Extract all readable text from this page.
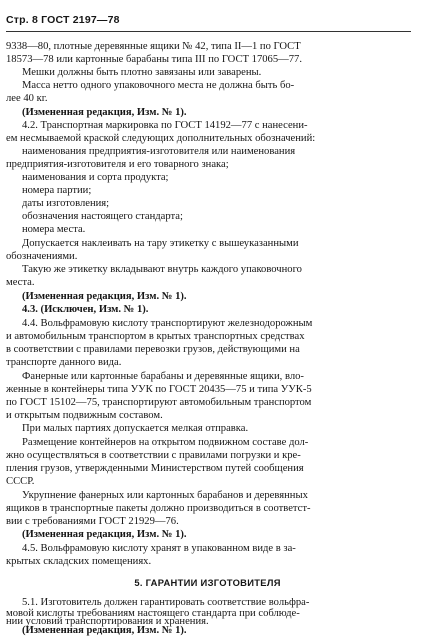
Стр. 8 ГОСТ 2197—78
9338—80, плотные деревянные ящики № 42, типа II—1 по ГОСТ
18573—78 или картонные барабаны типа III по ГОСТ 17065—77.
Мешки должны быть плотно завязаны или заварены.
Масса нетто одного упаковочного места не должна быть бо-
лее 40 кг.
(Измененная редакция, Изм. № 1).
4.2. Транспортная маркировка по ГОСТ 14192—77 с нанесени-
ем несмываемой краской следующих дополнительных обозначений:
наименования предприятия-изготовителя или наименования
предприятия-изготовителя и его товарного знака;
наименования и сорта продукта;
номера партии;
даты изготовления;
обозначения настоящего стандарта;
номера места.
Допускается наклеивать на тару этикетку с вышеуказанными
обозначениями.
Такую же этикетку вкладывают внутрь каждого упаковочного
места.
(Измененная редакция, Изм. № 1).
4.3. (Исключен, Изм. № 1).
4.4. Вольфрамовую кислоту транспортируют железнодорожным
и автомобильным транспортом в крытых транспортных средствах
в соответствии с правилами перевозки грузов, действующими на
транспорте данного вида.
Фанерные или картонные барабаны и деревянные ящики, вло-
женные в контейнеры типа УУК по ГОСТ 20435—75 и типа УУК-5
по ГОСТ 15102—75, транспортируют автомобильным транспортом
и открытым подвижным составом.
При малых партиях допускается мелкая отправка.
Размещение контейнеров на открытом подвижном составе дол-
жно осуществляться в соответствии с правилами погрузки и кре-
пления грузов, утвержденными Министерством путей сообщения
СССР.
Укрупнение фанерных или картонных барабанов и деревянных
ящиков в транспортные пакеты должно производиться в соответст-
вии с требованиями ГОСТ 21929—76.
(Измененная редакция, Изм. № 1).
4.5. Вольфрамовую кислоту хранят в упакованном виде в за-
крытых складских помещениях.
5. ГАРАНТИИ ИЗГОТОВИТЕЛЯ
5.1. Изготовитель должен гарантировать соответствие вольфра-
мовой кислоты требованиям настоящего стандарта при соблюде-
нии условий транспортирования и хранения.
(Измененная редакция, Изм. № 1).
